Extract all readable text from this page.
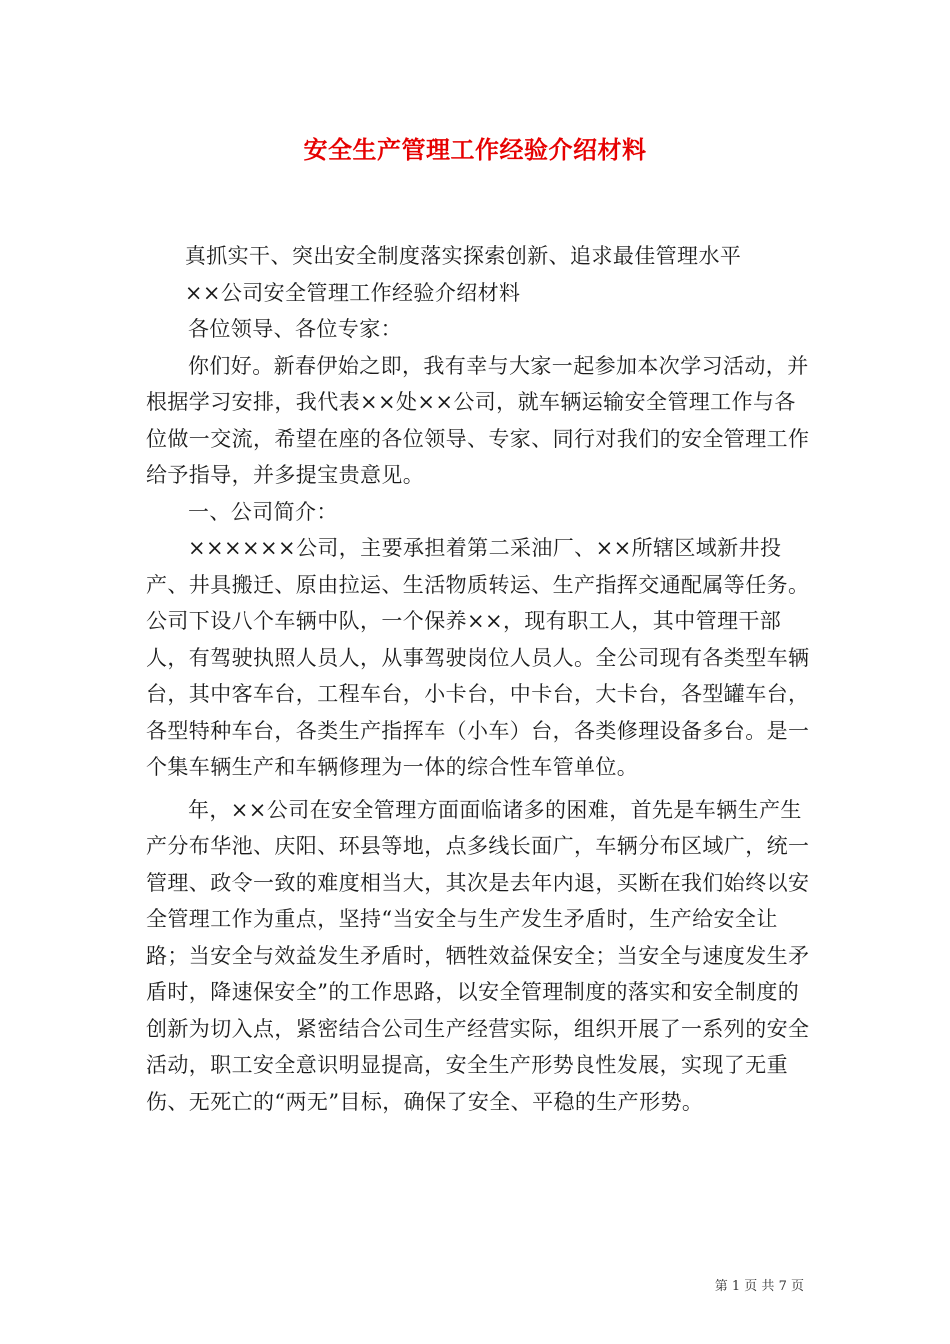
安全生产管理工作经验介绍材料

真抓实干、突出安全制度落实探索创新、追求最佳管理水平

××公司安全管理工作经验介绍材料

各位领导、各位专家：

你们好。新春伊始之即，我有幸与大家一起参加本次学习活动，并根据学习安排，我代表××处××公司，就车辆运输安全管理工作与各位做一交流，希望在座的各位领导、专家、同行对我们的安全管理工作给予指导，并多提宝贵意见。

一、公司简介：

××××××公司，主要承担着第二采油厂、××所辖区域新井投产、井具搬迁、原由拉运、生活物质转运、生产指挥交通配属等任务。公司下设八个车辆中队，一个保养××，现有职工人，其中管理干部人，有驾驶执照人员人，从事驾驶岗位人员人。全公司现有各类型车辆台，其中客车台，工程车台，小卡台，中卡台，大卡台，各型罐车台，各型特种车台，各类生产指挥车（小车）台，各类修理设备多台。是一个集车辆生产和车辆修理为一体的综合性车管单位。

年，××公司在安全管理方面面临诸多的困难，首先是车辆生产生产分布华池、庆阳、环县等地，点多线长面广，车辆分布区域广，统一管理、政令一致的难度相当大，其次是去年内退，买断在我们始终以安全管理工作为重点，坚持“当安全与生产发生矛盾时，生产给安全让路；当安全与效益发生矛盾时，牺牲效益保安全；当安全与速度发生矛盾时，降速保安全”的工作思路，以安全管理制度的落实和安全制度的创新为切入点，紧密结合公司生产经营实际，组织开展了一系列的安全活动，职工安全意识明显提高，安全生产形势良性发展，实现了无重伤、无死亡的“两无”目标，确保了安全、平稳的生产形势。

第 1 页 共 7 页
